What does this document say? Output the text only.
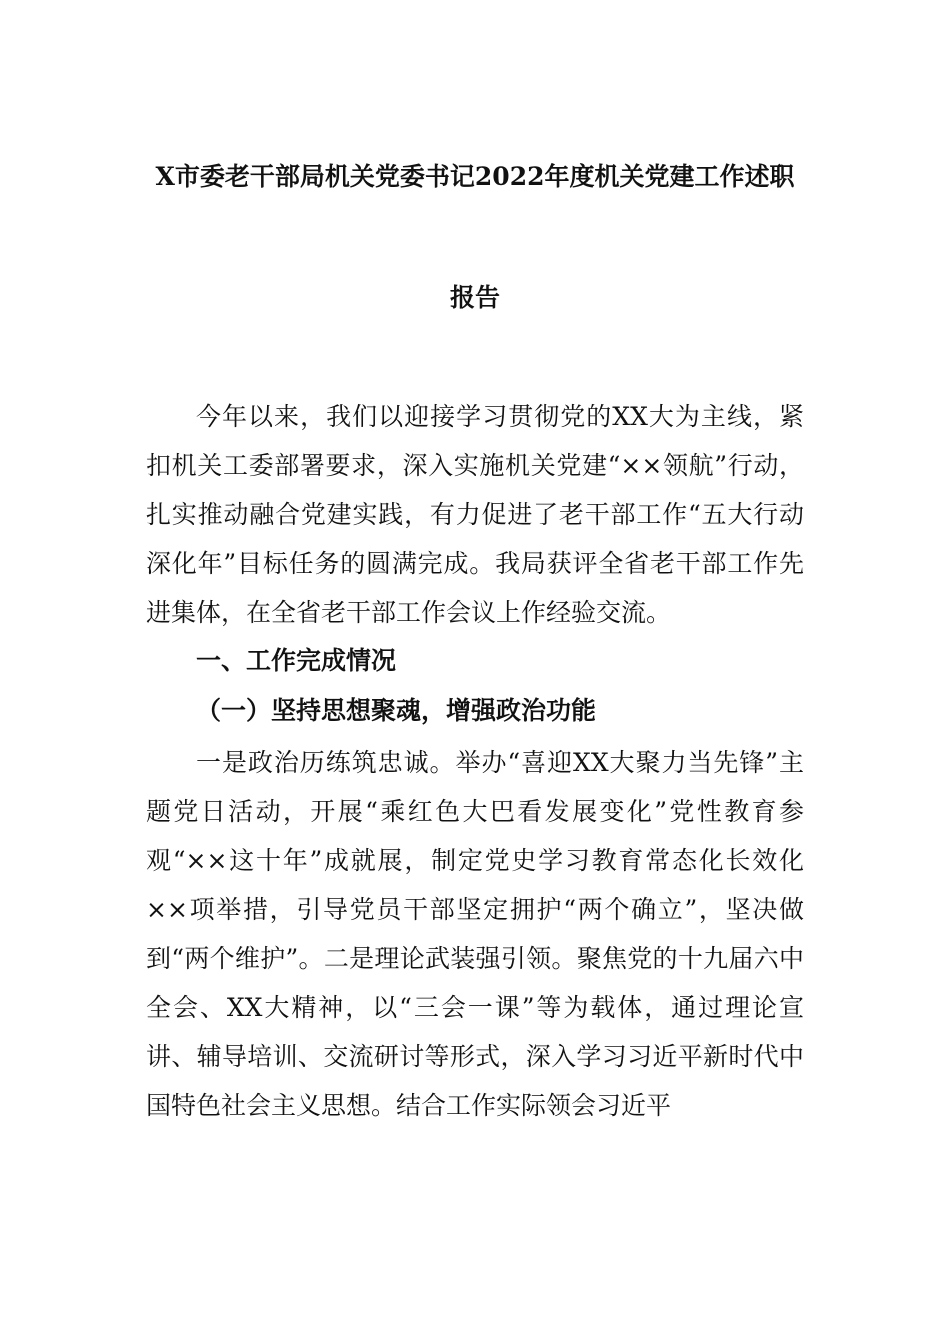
X市委老干部局机关党委书记2022年度机关党建工作述职
报告

今年以来，我们以迎接学习贯彻党的XX大为主线，紧扣机关工委部署要求，深入实施机关党建“××领航”行动，扎实推动融合党建实践，有力促进了老干部工作“五大行动深化年”目标任务的圆满完成。我局获评全省老干部工作先进集体，在全省老干部工作会议上作经验交流。

一、工作完成情况

（一）坚持思想聚魂，增强政治功能

一是政治历练筑忠诚。举办“喜迎XX大聚力当先锋”主题党日活动，开展“乘红色大巴看发展变化”党性教育参观“××这十年”成就展，制定党史学习教育常态化长效化××项举措，引导党员干部坚定拥护“两个确立”，坚决做到“两个维护”。二是理论武装强引领。聚焦党的十九届六中全会、XX大精神，以“三会一课”等为载体，通过理论宣讲、辅导培训、交流研讨等形式，深入学习习近平新时代中国特色社会主义思想。结合工作实际领会习近平
